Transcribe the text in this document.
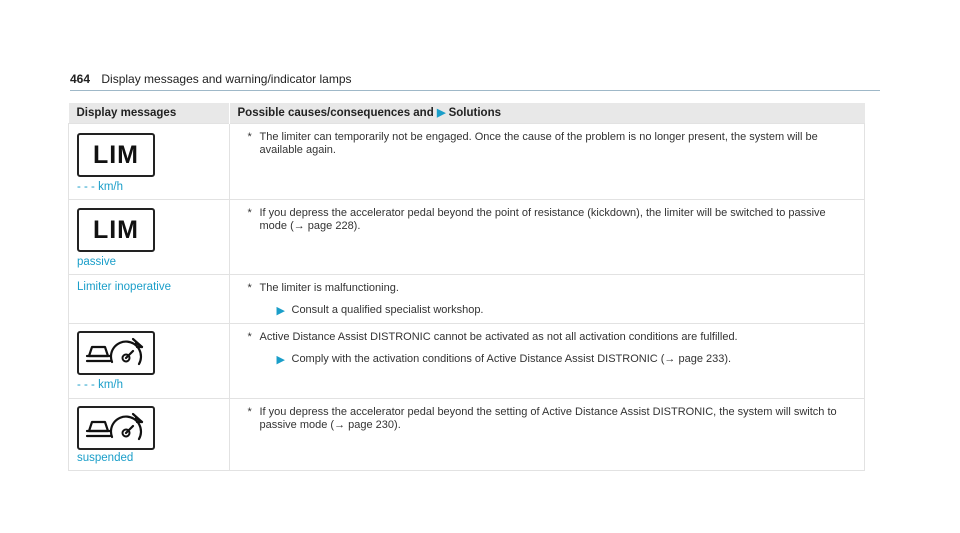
464 Display messages and warning/indicator lamps
Display messages	Possible causes/consequences and ▶ Solutions

LIM
- - - km/h	* The limiter can temporarily not be engaged. Once the cause of the problem is no longer present, the system will be
available again.

LIM
passive	* If you depress the accelerator pedal beyond the point of resistance (kickdown), the limiter will be switched to passive
mode (→ page 228).

Limiter inoperative	* The limiter is malfunctioning.
▶ Consult a qualified specialist workshop.

- - - km/h	* Active Distance Assist DISTRONIC cannot be activated as not all activation conditions are fulfilled.
▶ Comply with the activation conditions of Active Distance Assist DISTRONIC (→ page 233).

suspended	* If you depress the accelerator pedal beyond the setting of Active Distance Assist DISTRONIC, the system will switch to
passive mode (→ page 230).
